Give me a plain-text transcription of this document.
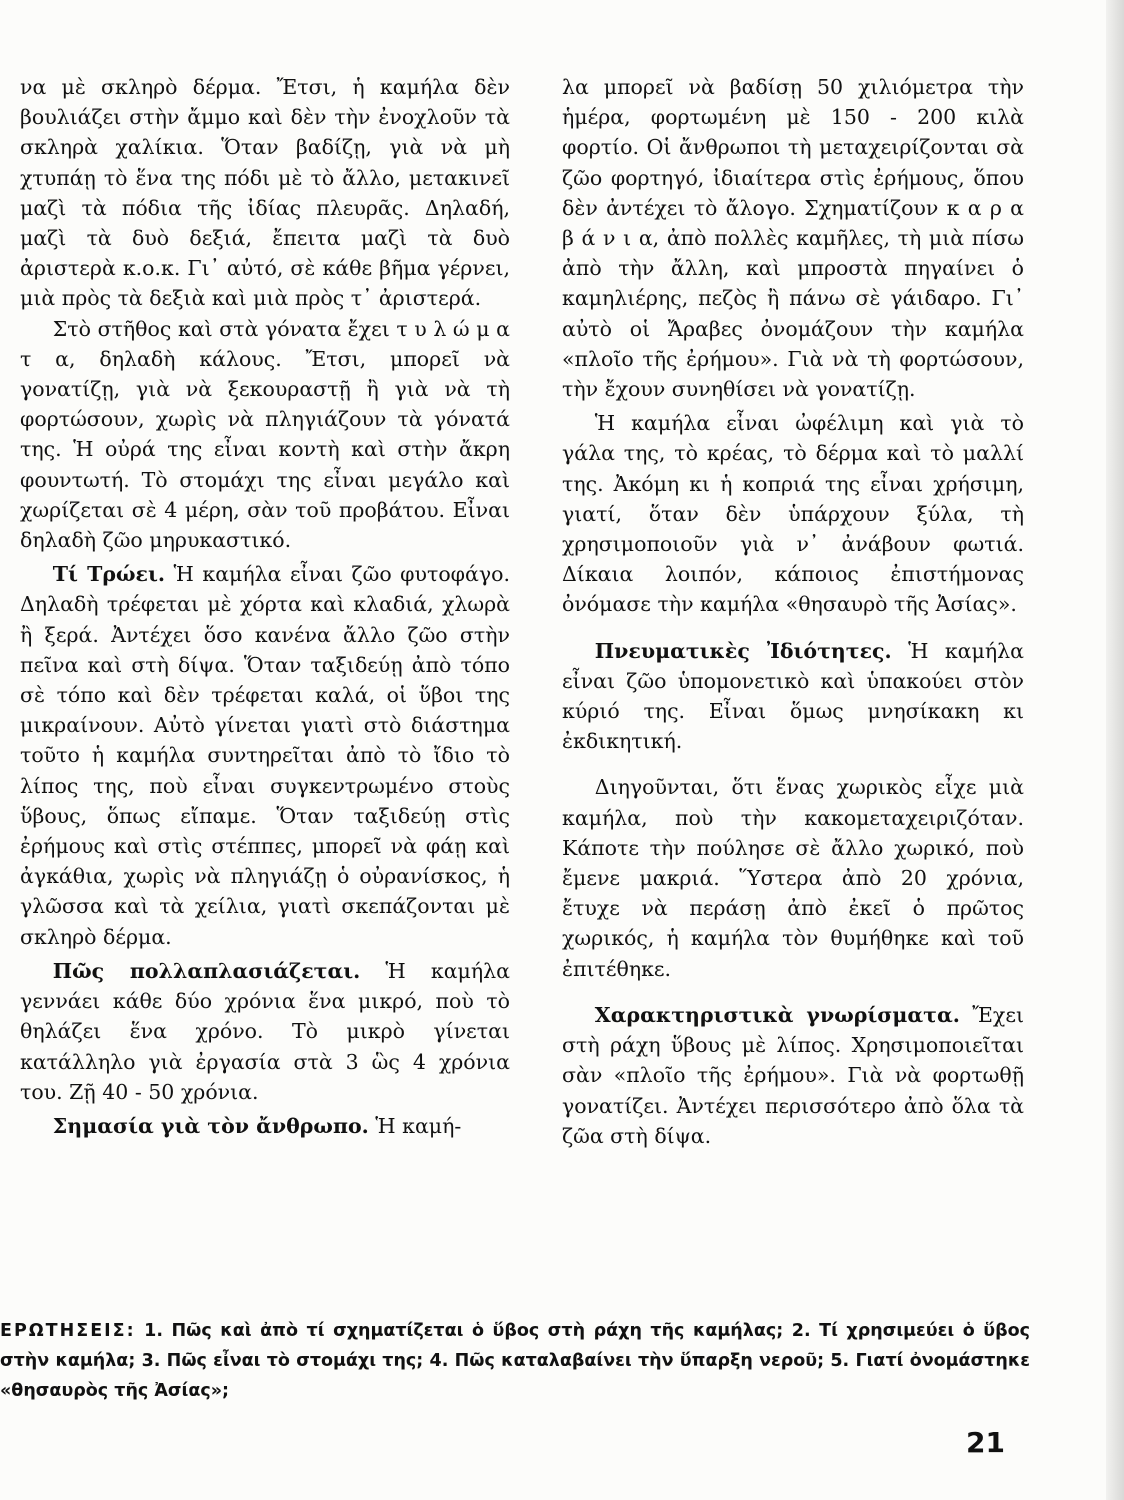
να μὲ σκληρὸ δέρμα. Ἔτσι, ἡ καμήλα δὲν βουλιάζει στὴν ἄμμο καὶ δὲν τὴν ἐνοχλοῦν τὰ σκληρὰ χαλίκια. Ὅταν βαδίζῃ, γιὰ νὰ μὴ χτυπάῃ τὸ ἕνα της πόδι μὲ τὸ ἄλλο, μετακινεῖ μαζὶ τὰ πόδια τῆς ἰδίας πλευρᾶς. Δηλαδή, μαζὶ τὰ δυὸ δεξιά, ἔπειτα μαζὶ τὰ δυὸ ἀριστερὰ κ.ο.κ. Γι᾿ αὐτό, σὲ κάθε βῆμα γέρνει, μιὰ πρὸς τὰ δεξιὰ καὶ μιὰ πρὸς τ᾿ ἀριστερά.

Στὸ στῆθος καὶ στὰ γόνατα ἔχει τ υ λ ώ μ α τ α, δηλαδὴ κάλους. Ἔτσι, μπορεῖ νὰ γονατίζῃ, γιὰ νὰ ξεκουραστῇ ἢ γιὰ νὰ τὴ φορτώσουν, χωρὶς νὰ πληγιάζουν τὰ γόνατά της. Ἡ οὐρά της εἶναι κοντὴ καὶ στὴν ἄκρη φουντωτή. Τὸ στομάχι της εἶναι μεγάλο καὶ χωρίζεται σὲ 4 μέρη, σὰν τοῦ προβάτου. Εἶναι δηλαδὴ ζῶο μηρυκαστικό.

Τί Τρώει. Ἡ καμήλα εἶναι ζῶο φυτοφάγο. Δηλαδὴ τρέφεται μὲ χόρτα καὶ κλαδιά, χλωρὰ ἢ ξερά. Ἀντέχει ὅσο κανένα ἄλλο ζῶο στὴν πεῖνα καὶ στὴ δίψα. Ὅταν ταξιδεύῃ ἀπὸ τόπο σὲ τόπο καὶ δὲν τρέφεται καλά, οἱ ὕβοι της μικραίνουν. Αὐτὸ γίνεται γιατὶ στὸ διάστημα τοῦτο ἡ καμήλα συντηρεῖται ἀπὸ τὸ ἴδιο τὸ λίπος της, ποὺ εἶναι συγκεντρωμένο στοὺς ὕβους, ὅπως εἴπαμε. Ὅταν ταξιδεύῃ στὶς ἐρήμους καὶ στὶς στέππες, μπορεῖ νὰ φάῃ καὶ ἀγκάθια, χωρὶς νὰ πληγιάζῃ ὁ οὐρανίσκος, ἡ γλῶσσα καὶ τὰ χείλια, γιατὶ σκεπάζονται μὲ σκληρὸ δέρμα.

Πῶς πολλαπλασιάζεται. Ἡ καμήλα γεννάει κάθε δύο χρόνια ἕνα μικρό, ποὺ τὸ θηλάζει ἕνα χρόνο. Τὸ μικρὸ γίνεται κατάλληλο γιὰ ἐργασία στὰ 3 ὣς 4 χρόνια του. Ζῇ 40 - 50 χρόνια.

Σημασία γιὰ τὸν ἄνθρωπο. Ἡ καμή-

λα μπορεῖ νὰ βαδίσῃ 50 χιλιόμετρα τὴν ἡμέρα, φορτωμένη μὲ 150 - 200 κιλὰ φορτίο. Οἱ ἄνθρωποι τὴ μεταχειρίζονται σὰ ζῶο φορτηγό, ἰδιαίτερα στὶς ἐρήμους, ὅπου δὲν ἀντέχει τὸ ἄλογο. Σχηματίζουν κ α ρ α β ά ν ι α, ἀπὸ πολλὲς καμῆλες, τὴ μιὰ πίσω ἀπὸ τὴν ἄλλη, καὶ μπροστὰ πηγαίνει ὁ καμηλιέρης, πεζὸς ἢ πάνω σὲ γάιδαρο. Γι᾿ αὐτὸ οἱ Ἄραβες ὀνομάζουν τὴν καμήλα «πλοῖο τῆς ἐρήμου». Γιὰ νὰ τὴ φορτώσουν, τὴν ἔχουν συνηθίσει νὰ γονατίζῃ.

Ἡ καμήλα εἶναι ὠφέλιμη καὶ γιὰ τὸ γάλα της, τὸ κρέας, τὸ δέρμα καὶ τὸ μαλλί της. Ἀκόμη κι ἡ κοπριά της εἶναι χρήσιμη, γιατί, ὅταν δὲν ὑπάρχουν ξύλα, τὴ χρησιμοποιοῦν γιὰ ν᾿ ἀνάβουν φωτιά. Δίκαια λοιπόν, κάποιος ἐπιστήμονας ὀνόμασε τὴν καμήλα «θησαυρὸ τῆς Ἀσίας».

Πνευματικὲς Ἰδιότητες. Ἡ καμήλα εἶναι ζῶο ὑπομονετικὸ καὶ ὑπακούει στὸν κύριό της. Εἶναι ὅμως μνησίκακη κι ἐκδικητική.

Διηγοῦνται, ὅτι ἕνας χωρικὸς εἶχε μιὰ καμήλα, ποὺ τὴν κακομεταχειριζόταν. Κάποτε τὴν πούλησε σὲ ἄλλο χωρικό, ποὺ ἔμενε μακριά. Ὕστερα ἀπὸ 20 χρόνια, ἔτυχε νὰ περάσῃ ἀπὸ ἐκεῖ ὁ πρῶτος χωρικός, ἡ καμήλα τὸν θυμήθηκε καὶ τοῦ ἐπιτέθηκε.

Χαρακτηριστικὰ γνωρίσματα. Ἔχει στὴ ράχη ὕβους μὲ λίπος. Χρησιμοποιεῖται σὰν «πλοῖο τῆς ἐρήμου». Γιὰ νὰ φορτωθῇ γονατίζει. Ἀντέχει περισσότερο ἀπὸ ὅλα τὰ ζῶα στὴ δίψα.

ΕΡΩΤΗΣΕΙΣ: 1. Πῶς καὶ ἀπὸ τί σχηματίζεται ὁ ὕβος στὴ ράχη τῆς καμήλας; 2. Τί χρησιμεύει ὁ ὕβος στὴν καμήλα; 3. Πῶς εἶναι τὸ στομάχι της; 4. Πῶς καταλαβαίνει τὴν ὕπαρξη νεροῦ; 5. Γιατί ὀνομάστηκε «θησαυρὸς τῆς Ἀσίας»;
21
